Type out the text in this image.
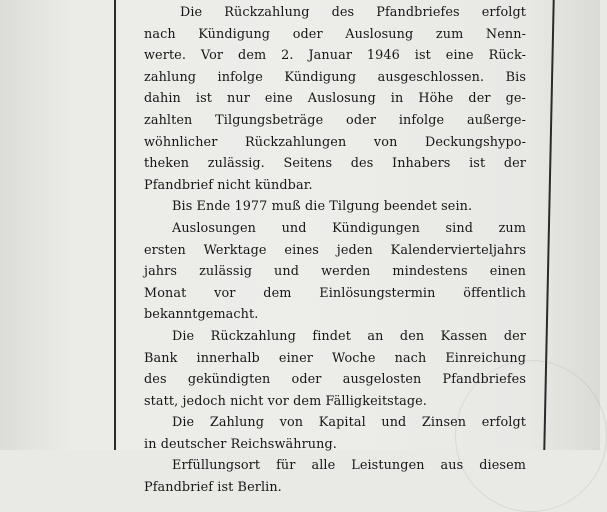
Die Rückzahlung des Pfandbriefes erfolgt
nach Kündigung oder Auslosung zum Nenn-
werte. Vor dem 2. Januar 1946 ist eine Rück-
zahlung infolge Kündigung ausgeschlossen. Bis
dahin ist nur eine Auslosung in Höhe der ge-
zahlten Tilgungsbeträge oder infolge außerge-
wöhnlicher Rückzahlungen von Deckungshypo-
theken zulässig. Seitens des Inhabers ist der
Pfandbrief nicht kündbar.
Bis Ende 1977 muß die Tilgung beendet sein.
Auslosungen und Kündigungen sind zum
ersten Werktage eines jeden Kalendervierteljahrs
jahrs zulässig und werden mindestens einen
Monat vor dem Einlösungstermin öffentlich
bekanntgemacht.
Die Rückzahlung findet an den Kassen der
Bank innerhalb einer Woche nach Einreichung
des gekündigten oder ausgelosten Pfandbriefes
statt, jedoch nicht vor dem Fälligkeitstage.
Die Zahlung von Kapital und Zinsen erfolgt
in deutscher Reichswährung.
Erfüllungsort für alle Leistungen aus diesem
Pfandbrief ist Berlin.
